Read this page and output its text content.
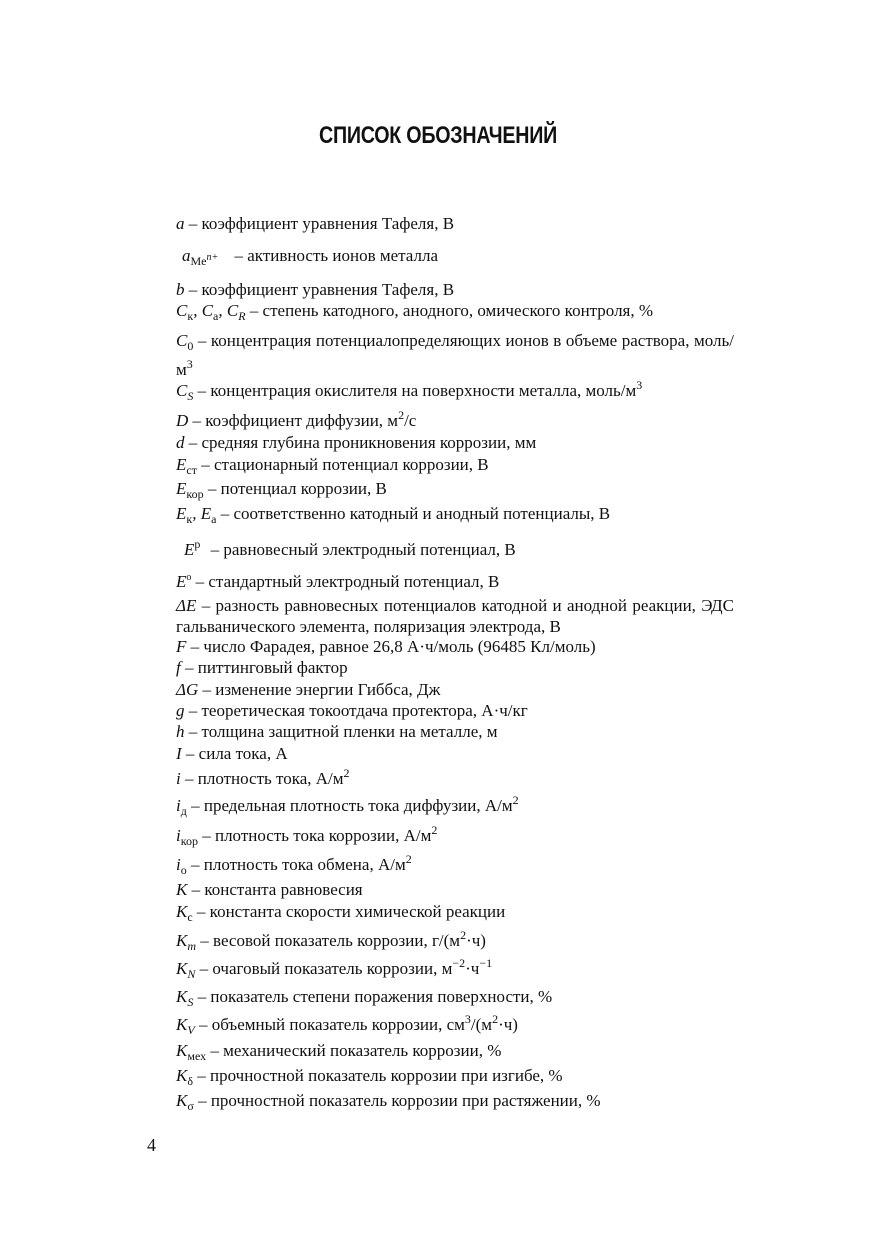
СПИСОК ОБОЗНАЧЕНИЙ
a – коэффициент уравнения Тафеля, В
$a_{Me^{n+}}$ – активность ионов металла
b – коэффициент уравнения Тафеля, В
$C_к$, $C_а$, $C_R$ – степень катодного, анодного, омического контроля, %
$C_0$ – концентрация потенциалопределяющих ионов в объеме раствора, моль/$м^3$
$C_S$ – концентрация окислителя на поверхности металла, моль/$м^3$
D – коэффициент диффузии, $м^2/с$
d – средняя глубина проникновения коррозии, мм
$E_{ст}$ – стационарный потенциал коррозии, В
$E_{кор}$ – потенциал коррозии, В
$E_к$, $E_а$ – соответственно катодный и анодный потенциалы, В
$E^р$ – равновесный электродный потенциал, В
$E^о$ – стандартный электродный потенциал, В
ΔE – разность равновесных потенциалов катодной и анодной реакции, ЭДС гальванического элемента, поляризация электрода, В
F – число Фарадея, равное 26,8 А·ч/моль (96485 Кл/моль)
f – питтинговый фактор
ΔG – изменение энергии Гиббса, Дж
g – теоретическая токоотдача протектора, А·ч/кг
h – толщина защитной пленки на металле, м
I – сила тока, А
i – плотность тока, $А/м^2$
$i_д$ – предельная плотность тока диффузии, $А/м^2$
$i_{кор}$ – плотность тока коррозии, $А/м^2$
$i_о$ – плотность тока обмена, $А/м^2$
K – константа равновесия
$K_c$ – константа скорости химической реакции
$K_m$ – весовой показатель коррозии, $г/(м^2\cdot ч)$
$K_N$ – очаговый показатель коррозии, $м^{-2}\cdot ч^{-1}$
$K_S$ – показатель степени поражения поверхности, %
$K_V$ – объемный показатель коррозии, $см^3/(м^2\cdot ч)$
$K_{мех}$ – механический показатель коррозии, %
$K_\delta$ – прочностной показатель коррозии при изгибе, %
$K_\sigma$ – прочностной показатель коррозии при растяжении, %
4
